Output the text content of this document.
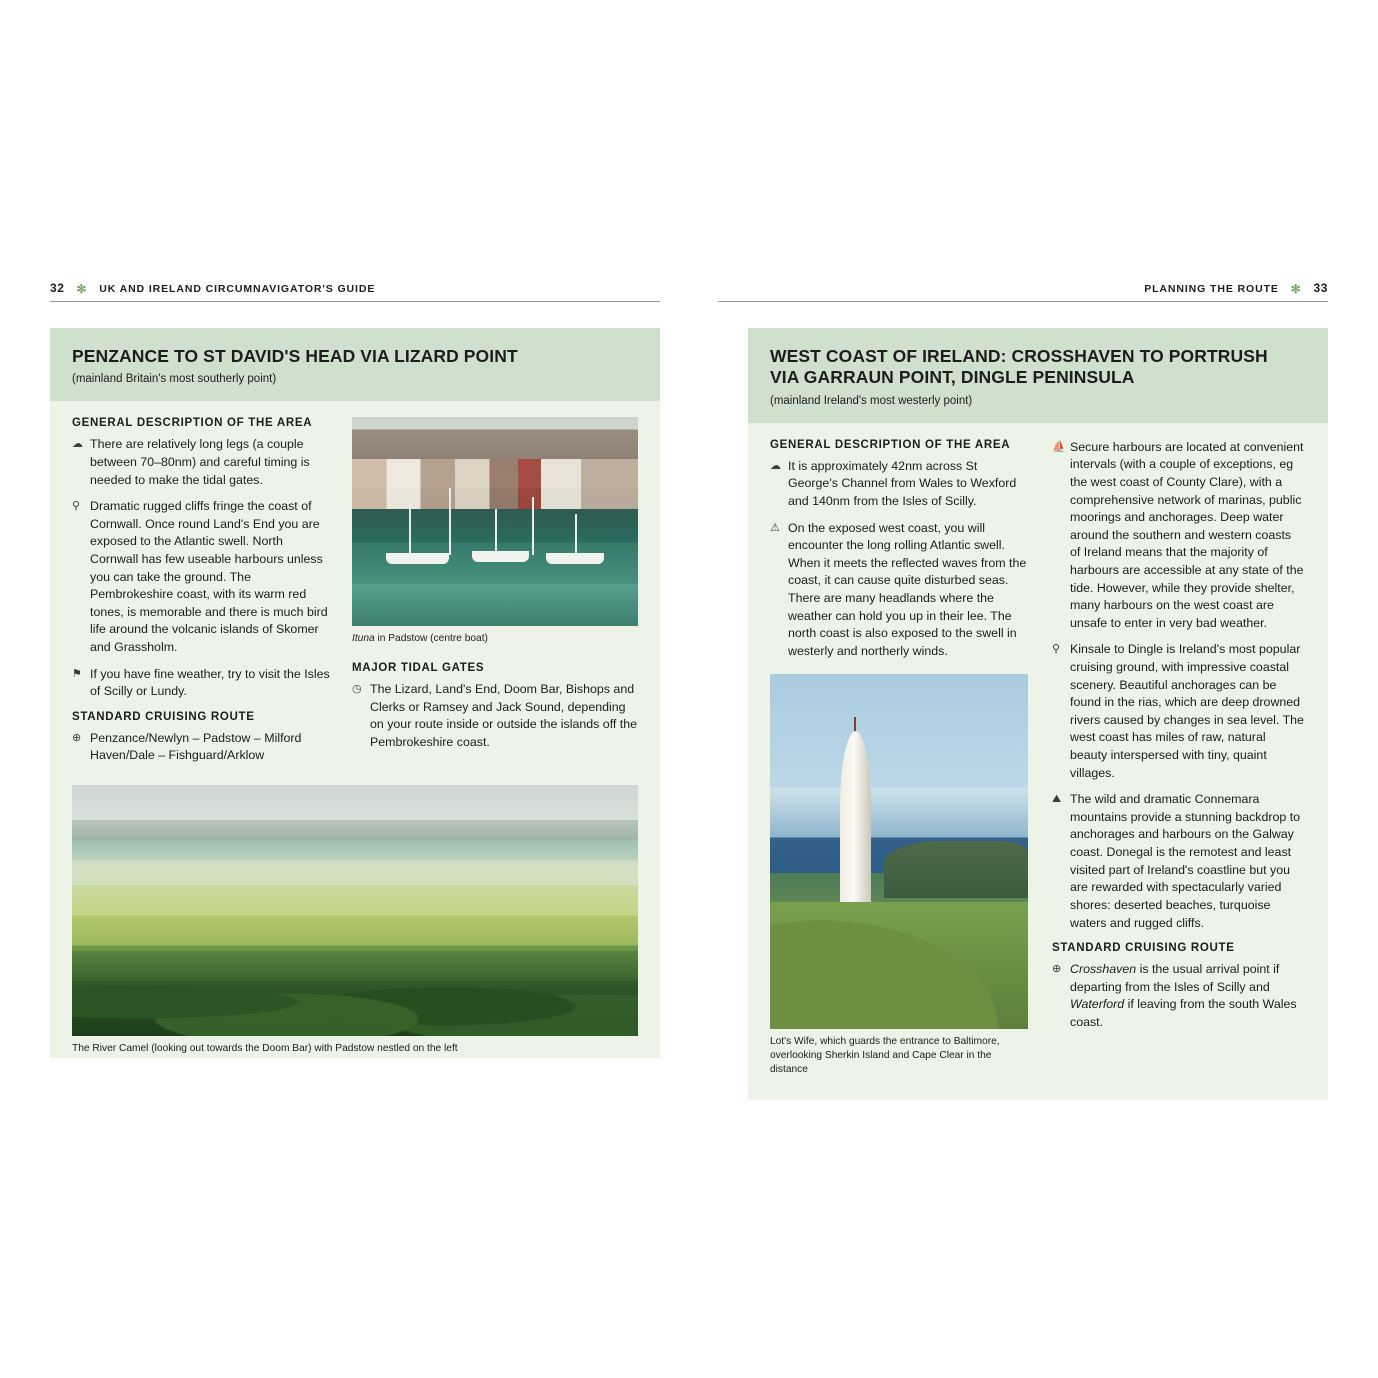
32 ✻ UK AND IRELAND CIRCUMNAVIGATOR'S GUIDE
PENZANCE TO ST DAVID'S HEAD VIA LIZARD POINT
(mainland Britain's most southerly point)
GENERAL DESCRIPTION OF THE AREA
☁ There are relatively long legs (a couple between 70–80nm) and careful timing is needed to make the tidal gates.
⚲ Dramatic rugged cliffs fringe the coast of Cornwall. Once round Land's End you are exposed to the Atlantic swell. North Cornwall has few useable harbours unless you can take the ground. The Pembrokeshire coast, with its warm red tones, is memorable and there is much bird life around the volcanic islands of Skomer and Grassholm.
⚑ If you have fine weather, try to visit the Isles of Scilly or Lundy.
STANDARD CRUISING ROUTE
⊕ Penzance/Newlyn – Padstow – Milford Haven/Dale – Fishguard/Arklow
Ituna in Padstow (centre boat)
MAJOR TIDAL GATES
◷ The Lizard, Land's End, Doom Bar, Bishops and Clerks or Ramsey and Jack Sound, depending on your route inside or outside the islands off the Pembrokeshire coast.
The River Camel (looking out towards the Doom Bar) with Padstow nestled on the left
PLANNING THE ROUTE ✻ 33
WEST COAST OF IRELAND: CROSSHAVEN TO PORTRUSH
VIA GARRAUN POINT, DINGLE PENINSULA
(mainland Ireland's most westerly point)
GENERAL DESCRIPTION OF THE AREA
☁ It is approximately 42nm across St George's Channel from Wales to Wexford and 140nm from the Isles of Scilly.
⚠ On the exposed west coast, you will encounter the long rolling Atlantic swell. When it meets the reflected waves from the coast, it can cause quite disturbed seas. There are many headlands where the weather can hold you up in their lee. The north coast is also exposed to the swell in westerly and northerly winds.
Lot's Wife, which guards the entrance to Baltimore, overlooking Sherkin Island and Cape Clear in the distance
⛵ Secure harbours are located at convenient intervals (with a couple of exceptions, eg the west coast of County Clare), with a comprehensive network of marinas, public moorings and anchorages. Deep water around the southern and western coasts of Ireland means that the majority of harbours are accessible at any state of the tide. However, while they provide shelter, many harbours on the west coast are unsafe to enter in very bad weather.
⚲ Kinsale to Dingle is Ireland's most popular cruising ground, with impressive coastal scenery. Beautiful anchorages can be found in the rias, which are deep drowned rivers caused by changes in sea level. The west coast has miles of raw, natural beauty interspersed with tiny, quaint villages.
⛰ The wild and dramatic Connemara mountains provide a stunning backdrop to anchorages and harbours on the Galway coast. Donegal is the remotest and least visited part of Ireland's coastline but you are rewarded with spectacularly varied shores: deserted beaches, turquoise waters and rugged cliffs.
STANDARD CRUISING ROUTE
⊕ Crosshaven is the usual arrival point if departing from the Isles of Scilly and Waterford if leaving from the south Wales coast.
